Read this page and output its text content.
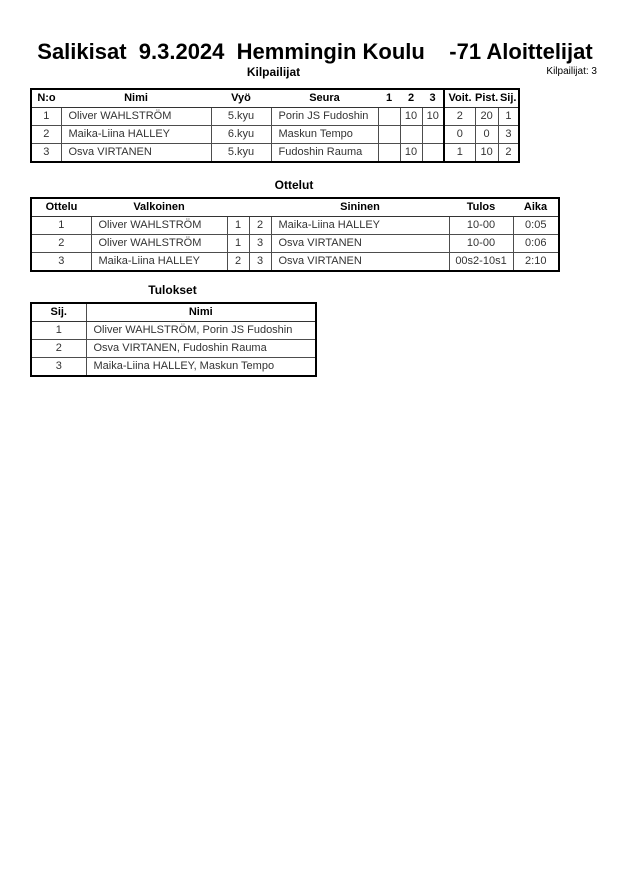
Salikisat  9.3.2024  Hemmingin Koulu    -71 Aloittelijat
Kilpailijat	Kilpailijat: 3
N:o	Nimi	Vyö	Seura	1	2	3	Voit.	Pist.	Sij.
1	Oliver WAHLSTRÖM	5.kyu	Porin JS Fudoshin		10	10	2	20	1
2	Maika-Liina HALLEY	6.kyu	Maskun Tempo				0	0	3
3	Osva VIRTANEN	5.kyu	Fudoshin Rauma		10		1	10	2
Ottelut
Ottelu	Valkoinen			Sininen	Tulos	Aika
1	Oliver WAHLSTRÖM	1	2	Maika-Liina HALLEY	10-00	0:05
2	Oliver WAHLSTRÖM	1	3	Osva VIRTANEN	10-00	0:06
3	Maika-Liina HALLEY	2	3	Osva VIRTANEN	00s2-10s1	2:10
Tulokset
Sij.	Nimi
1	Oliver WAHLSTRÖM, Porin JS Fudoshin
2	Osva VIRTANEN, Fudoshin Rauma
3	Maika-Liina HALLEY, Maskun Tempo
